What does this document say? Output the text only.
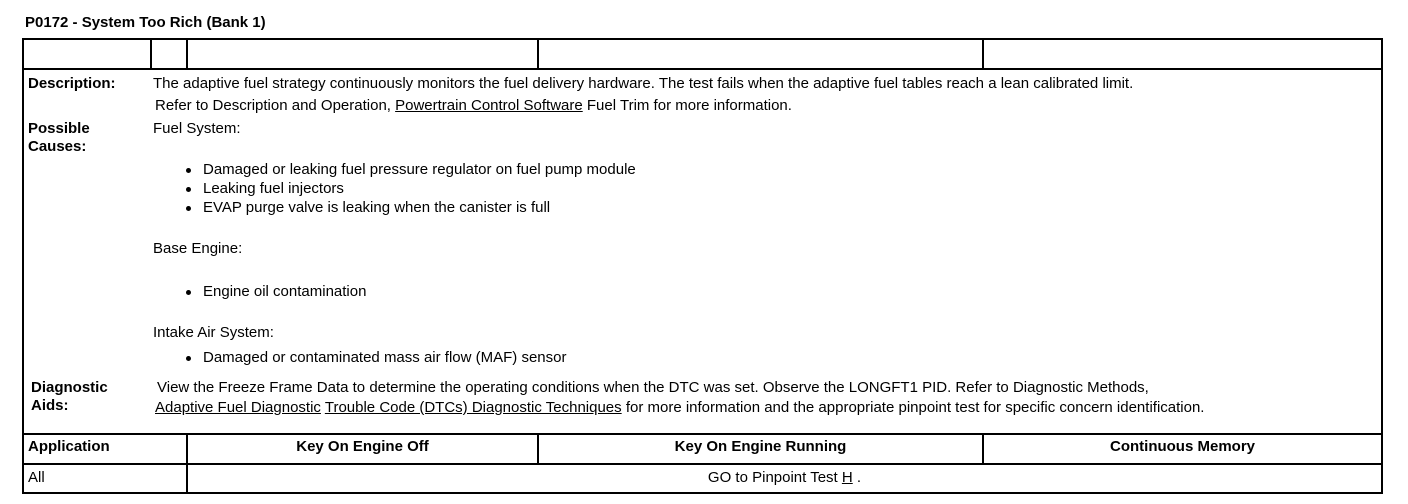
P0172 - System Too Rich (Bank 1)
Description: The adaptive fuel strategy continuously monitors the fuel delivery hardware. The test fails when the adaptive fuel tables reach a lean calibrated limit.
Refer to Description and Operation, Powertrain Control Software Fuel Trim for more information.
Possible
Causes:
Fuel System:
Damaged or leaking fuel pressure regulator on fuel pump module
Leaking fuel injectors
EVAP purge valve is leaking when the canister is full
Base Engine:
Engine oil contamination
Intake Air System:
Damaged or contaminated mass air flow (MAF) sensor
Diagnostic
Aids:
View the Freeze Frame Data to determine the operating conditions when the DTC was set. Observe the LONGFT1 PID. Refer to Diagnostic Methods,
Adaptive Fuel Diagnostic Trouble Code (DTCs) Diagnostic Techniques for more information and the appropriate pinpoint test for specific concern identification.
Application	Key On Engine Off	Key On Engine Running	Continuous Memory
All	GO to Pinpoint Test H .
